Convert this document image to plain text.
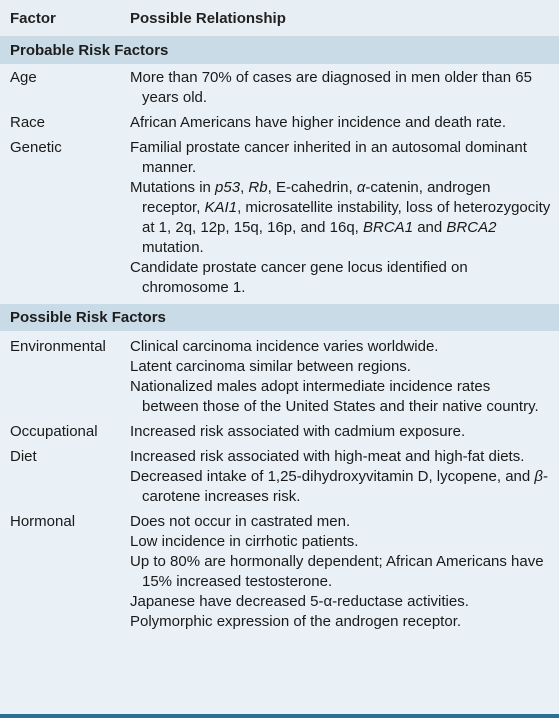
Factor	Possible Relationship
Probable Risk Factors
Age	More than 70% of cases are diagnosed in men older than 65 years old.
Race	African Americans have higher incidence and death rate.
Genetic	Familial prostate cancer inherited in an autosomal dominant manner.
Mutations in p53, Rb, E-cahedrin, α-catenin, androgen receptor, KAI1, microsatellite instability, loss of heterozygocity at 1, 2q, 12p, 15q, 16p, and 16q, BRCA1 and BRCA2 mutation.
Candidate prostate cancer gene locus identified on chromosome 1.
Possible Risk Factors
Environmental	Clinical carcinoma incidence varies worldwide.
Latent carcinoma similar between regions.
Nationalized males adopt intermediate incidence rates between those of the United States and their native country.
Occupational	Increased risk associated with cadmium exposure.
Diet	Increased risk associated with high-meat and high-fat diets.
Decreased intake of 1,25-dihydroxyvitamin D, lycopene, and β-carotene increases risk.
Hormonal	Does not occur in castrated men.
Low incidence in cirrhotic patients.
Up to 80% are hormonally dependent; African Americans have 15% increased testosterone.
Japanese have decreased 5-α-reductase activities.
Polymorphic expression of the androgen receptor.
